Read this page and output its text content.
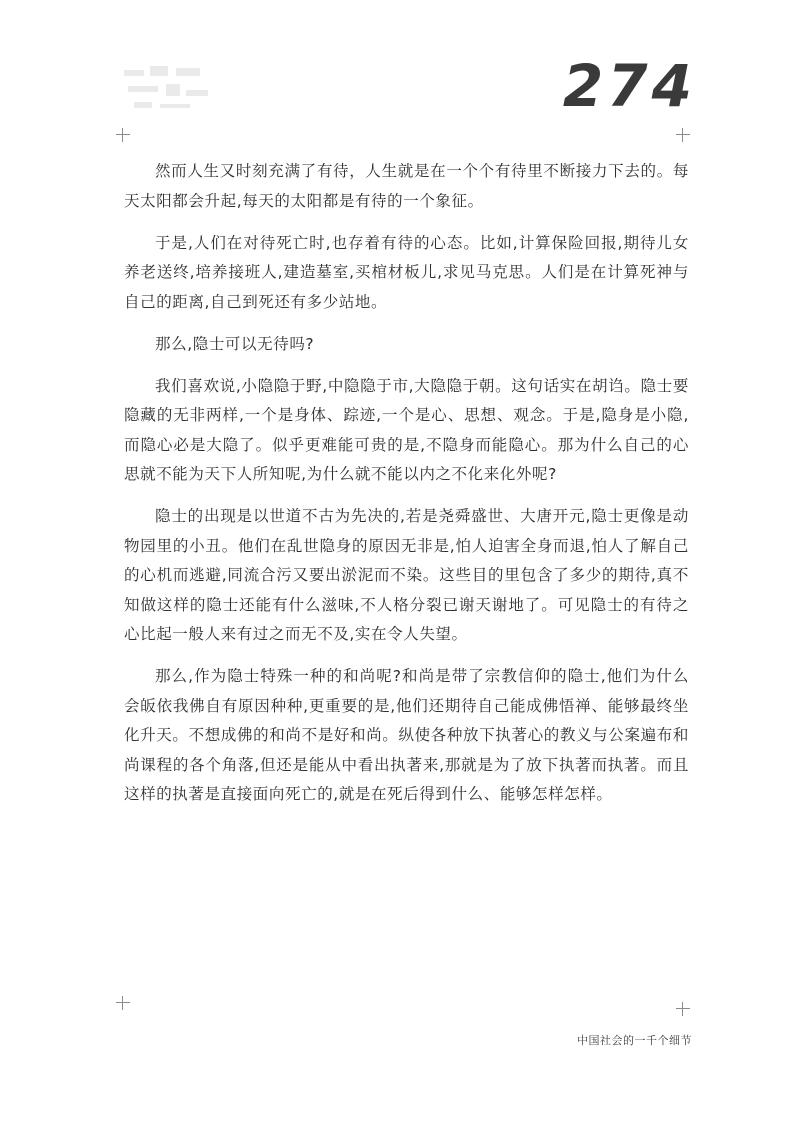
274

然而人生又时刻充满了有待，人生就是在一个个有待里不断接力下去的。每天太阳都会升起,每天的太阳都是有待的一个象征。

于是,人们在对待死亡时,也存着有待的心态。比如,计算保险回报,期待儿女养老送终,培养接班人,建造墓室,买棺材板儿,求见马克思。人们是在计算死神与自己的距离,自己到死还有多少站地。

那么,隐士可以无待吗?

我们喜欢说,小隐隐于野,中隐隐于市,大隐隐于朝。这句话实在胡诌。隐士要隐藏的无非两样,一个是身体、踪迹,一个是心、思想、观念。于是,隐身是小隐,而隐心必是大隐了。似乎更难能可贵的是,不隐身而能隐心。那为什么自己的心思就不能为天下人所知呢,为什么就不能以内之不化来化外呢?

隐士的出现是以世道不古为先决的,若是尧舜盛世、大唐开元,隐士更像是动物园里的小丑。他们在乱世隐身的原因无非是,怕人迫害全身而退,怕人了解自己的心机而逃避,同流合污又要出淤泥而不染。这些目的里包含了多少的期待,真不知做这样的隐士还能有什么滋味,不人格分裂已谢天谢地了。可见隐士的有待之心比起一般人来有过之而无不及,实在令人失望。

那么,作为隐士特殊一种的和尚呢?和尚是带了宗教信仰的隐士,他们为什么会皈依我佛自有原因种种,更重要的是,他们还期待自己能成佛悟禅、能够最终坐化升天。不想成佛的和尚不是好和尚。纵使各种放下执著心的教义与公案遍布和尚课程的各个角落,但还是能从中看出执著来,那就是为了放下执著而执著。而且这样的执著是直接面向死亡的,就是在死后得到什么、能够怎样怎样。

中国社会的一千个细节
